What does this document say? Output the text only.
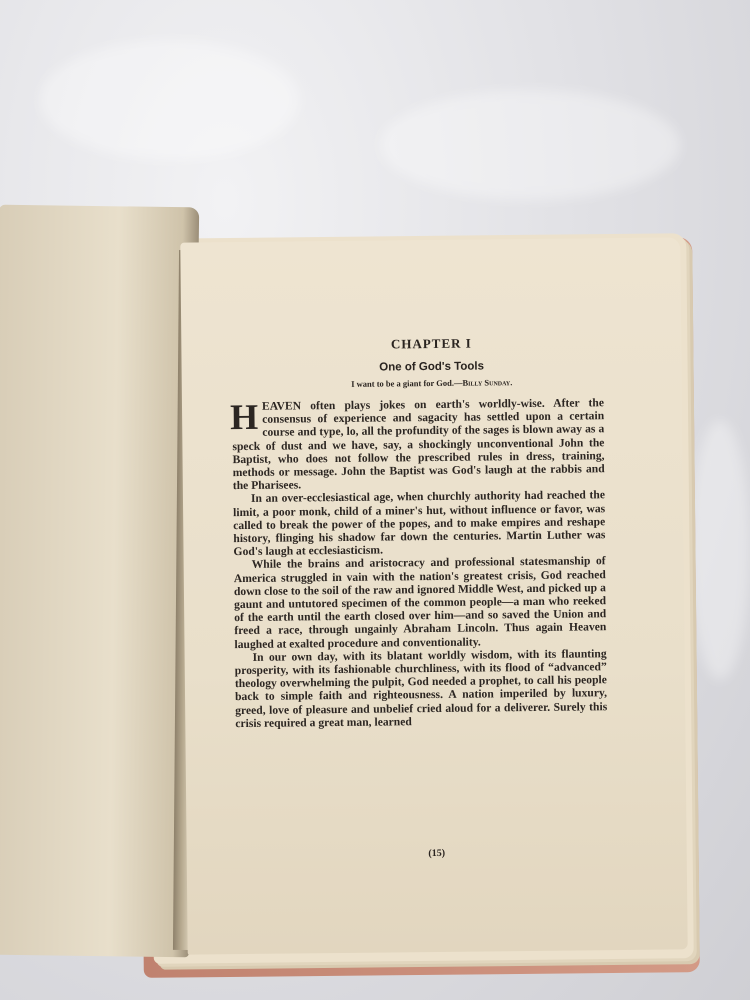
CHAPTER I
One of God's Tools
I want to be a giant for God.—Billy Sunday.

HEAVEN often plays jokes on earth's worldly-wise. After the consensus of experience and sagacity has settled upon a certain course and type, lo, all the profundity of the sages is blown away as a speck of dust and we have, say, a shockingly unconventional John the Baptist, who does not follow the prescribed rules in dress, training, methods or message. John the Baptist was God's laugh at the rabbis and the Pharisees.

In an over-ecclesiastical age, when churchly authority had reached the limit, a poor monk, child of a miner's hut, without influence or favor, was called to break the power of the popes, and to make empires and reshape history, flinging his shadow far down the centuries. Martin Luther was God's laugh at ecclesiasticism.

While the brains and aristocracy and professional statesmanship of America struggled in vain with the nation's greatest crisis, God reached down close to the soil of the raw and ignored Middle West, and picked up a gaunt and untutored specimen of the common people—a man who reeked of the earth until the earth closed over him—and so saved the Union and freed a race, through ungainly Abraham Lincoln. Thus again Heaven laughed at exalted procedure and conventionality.

In our own day, with its blatant worldly wisdom, with its flaunting prosperity, with its fashionable churchliness, with its flood of “advanced” theology overwhelming the pulpit, God needed a prophet, to call his people back to simple faith and righteousness. A nation imperiled by luxury, greed, love of pleasure and unbelief cried aloud for a deliverer. Surely this crisis required a great man, learned

(15)
